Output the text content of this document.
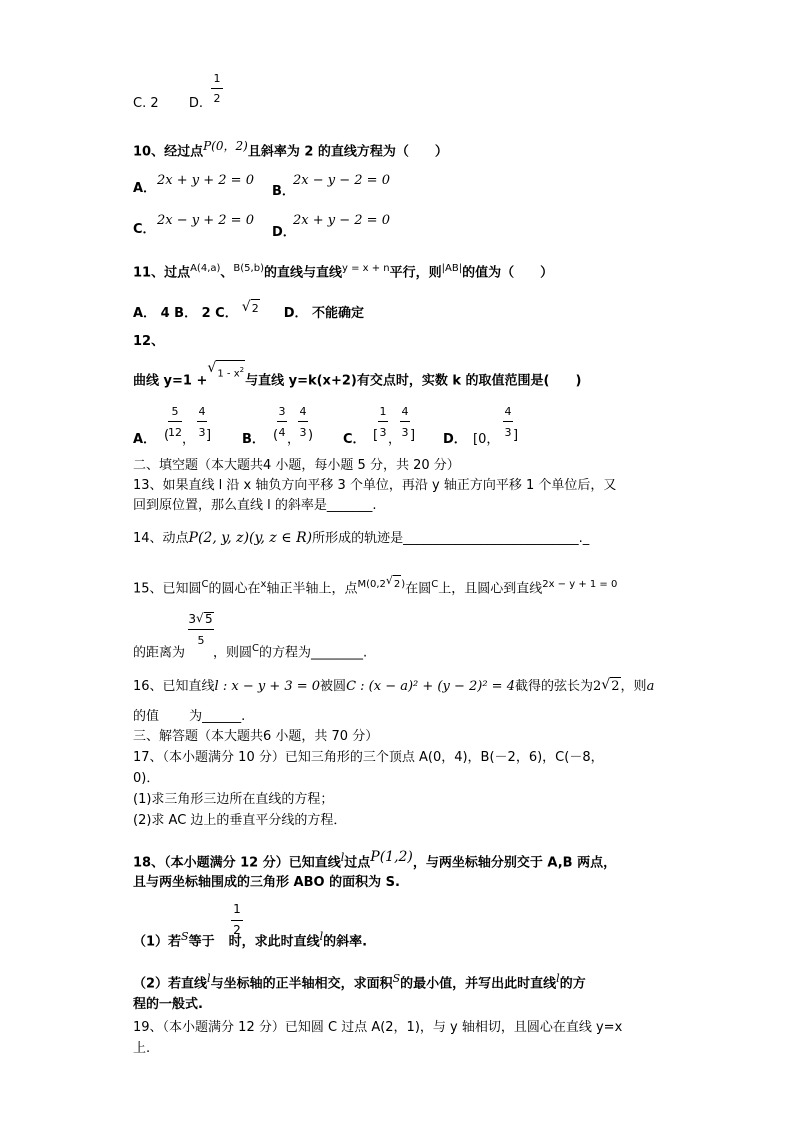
C. 2 D.
1
2
10、经过点$^{P(0,2)}$且斜率为 2 的直线方程为（　　）
A．
2x + y + 2 = 0
B．
2x − y − 2 = 0
C．
2x − y + 2 = 0
D．
2x + y − 2 = 0
11、过点$^{A(4,a)}$、$^{B(5,b)}$的直线与直线$^{y = x + n}$平行，则$^{|AB|}$的值为（　　）
A． 4 B． 2 C． √ 2 D． 不能确定
12、
曲线 y=1 +
√ $1 - x^2$与直线 y=k(x+2)有交点时，实数 k 的取值范围是(　　)
A． (
5
12 ，
4
3 ] B． (
3
4 ，
4
3 ) C． [
1
3 ，
4
3 ] D． [0，
4
3 ]
二、填空题（本大题共4 小题，每小题 5 分，共 20 分）
13、如果直线 l 沿 x 轴负方向平移 3 个单位，再沿 y 轴正方向平移 1 个单位后，又
回到原位置，那么直线 l 的斜率是_______.
14、动点P(2, y, z)(y, z ∈ R)所形成的轨迹是___________________________._
15、已知圆$^C$的圆心在$^x$轴正半轴上，点$^{M(0,2 √ 2)}$在圆$^C$上，且圆心到直线$^{2x - y + 1 = 0}$
3 √ 5
5
的距离为 ，则圆$^C$的方程为________.
16、已知直线l : x − y + 3 = 0被圆C : (x − a)² + (y − 2)² = 4截得的弦长为2 √ 2，则a
的值　　 为______.
三、解答题（本大题共6 小题，共 70 分）
17、（本小题满分 10 分）已知三角形的三个顶点 A(0，4)，B(－2，6)，C(－8，
0)．
(1)求三角形三边所在直线的方程；
(2)求 AC 边上的垂直平分线的方程．
18、（本小题满分 12 分）已知直线$^l$过点$^{P(1,2)}$，与两坐标轴分别交于 A,B 两点，
且与两坐标轴围成的三角形 ABO 的面积为 S.
（1）若$^S$等于 时，求此时直线$^l$的斜率.
1
2
（2）若直线$^l$与坐标轴的正半轴相交，求面积$^S$的最小值，并写出此时直线$^l$的方
程的一般式.
19、（本小题满分 12 分）已知圆 C 过点 A(2，1)，与 y 轴相切，且圆心在直线 y=x
上.
